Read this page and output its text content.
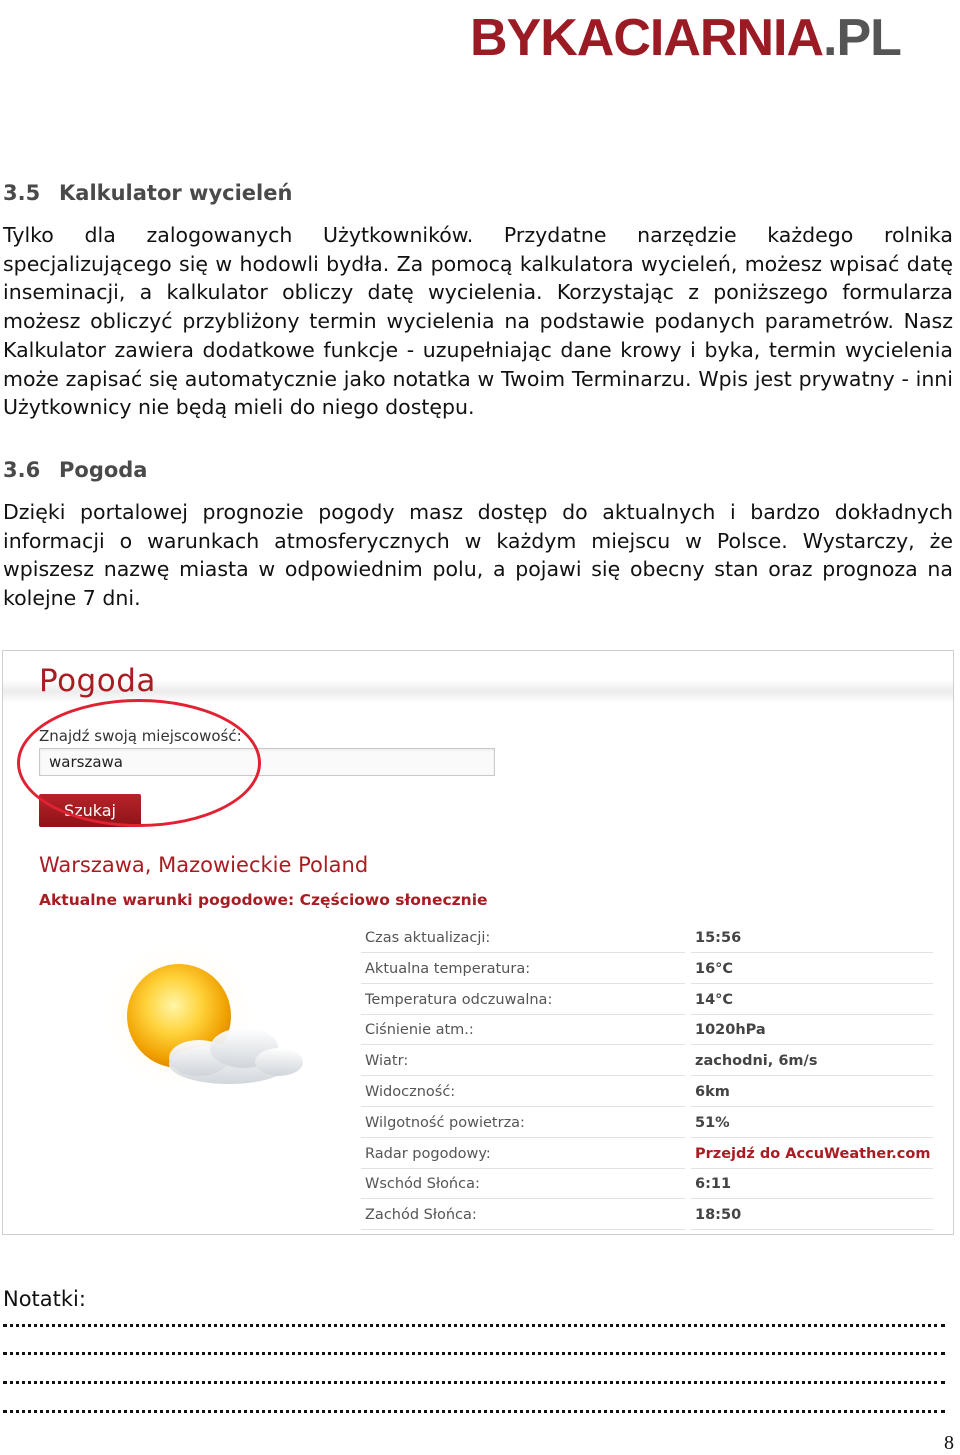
BYKACIARNIA.PL
3.5 Kalkulator wycieleń
Tylko dla zalogowanych Użytkowników. Przydatne narzędzie każdego rolnika specjalizującego się w hodowli bydła. Za pomocą kalkulatora wycieleń, możesz wpisać datę inseminacji, a kalkulator obliczy datę wycielenia. Korzystając z poniższego formularza możesz obliczyć przybliżony termin wycielenia na podstawie podanych parametrów. Nasz Kalkulator zawiera dodatkowe funkcje - uzupełniając dane krowy i byka, termin wycielenia może zapisać się automatycznie jako notatka w Twoim Terminarzu. Wpis jest prywatny - inni Użytkownicy nie będą mieli do niego dostępu.
3.6 Pogoda
Dzięki portalowej prognozie pogody masz dostęp do aktualnych i bardzo dokładnych informacji o warunkach atmosferycznych w każdym miejscu w Polsce. Wystarczy, że wpiszesz nazwę miasta w odpowiednim polu, a pojawi się obecny stan oraz prognoza na kolejne 7 dni.
Pogoda
Znajdź swoją miejscowość:
warszawa
Szukaj
Warszawa, Mazowieckie Poland
Aktualne warunki pogodowe: Częściowo słonecznie
Czas aktualizacji:	15:56
Aktualna temperatura:	16°C
Temperatura odczuwalna:	14°C
Ciśnienie atm.:	1020hPa
Wiatr:	zachodni, 6m/s
Widoczność:	6km
Wilgotność powietrza:	51%
Radar pogodowy:	Przejdź do AccuWeather.com
Wschód Słońca:	6:11
Zachód Słońca:	18:50
Notatki:
8
